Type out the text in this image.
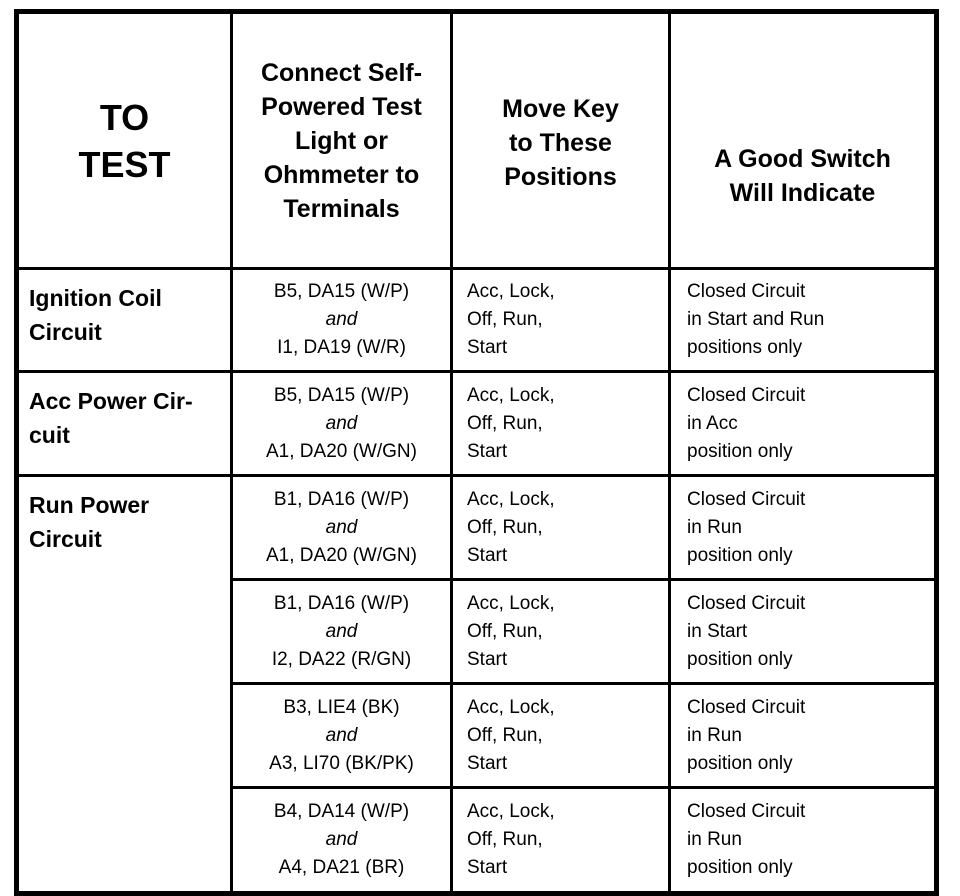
TO
TEST	Connect Self-
Powered Test
Light or
Ohmmeter to
Terminals	Move Key
to These
Positions	A Good Switch
Will Indicate

Ignition Coil
Circuit	B5, DA15 (W/P)
and
I1, DA19 (W/R)	Acc, Lock,
Off, Run,
Start	Closed Circuit
in Start and Run
positions only

Acc Power Cir-
cuit	B5, DA15 (W/P)
and
A1, DA20 (W/GN)	Acc, Lock,
Off, Run,
Start	Closed Circuit
in Acc
position only

Run Power
Circuit	B1, DA16 (W/P)
and
A1, DA20 (W/GN)	Acc, Lock,
Off, Run,
Start	Closed Circuit
in Run
position only

	B1, DA16 (W/P)
and
I2, DA22 (R/GN)	Acc, Lock,
Off, Run,
Start	Closed Circuit
in Start
position only

	B3, LIE4 (BK)
and
A3, LI70 (BK/PK)	Acc, Lock,
Off, Run,
Start	Closed Circuit
in Run
position only

	B4, DA14 (W/P)
and
A4, DA21 (BR)	Acc, Lock,
Off, Run,
Start	Closed Circuit
in Run
position only
